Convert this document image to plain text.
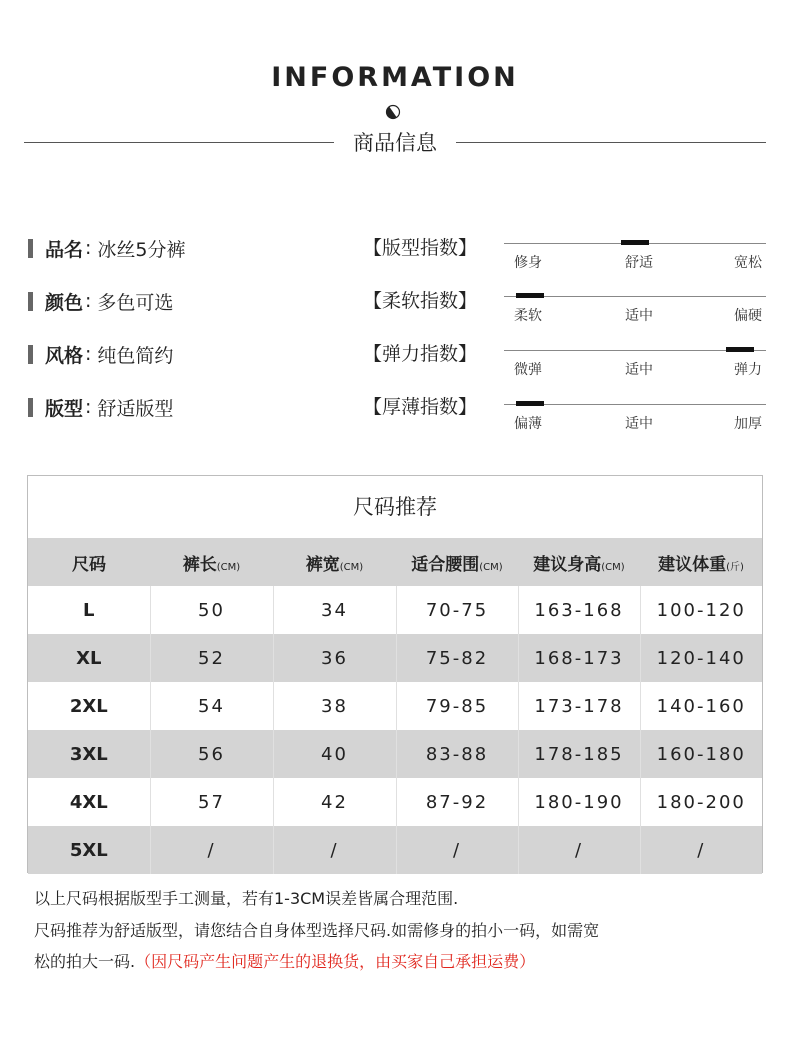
INFORMATION
商品信息
品名 : 冰丝5分裤
颜色 : 多色可选
风格 : 纯色简约
版型 : 舒适版型
【版型指数】
【柔软指数】
【弹力指数】
【厚薄指数】
修身	舒适	宽松
柔软	适中	偏硬
微弹	适中	弹力
偏薄	适中	加厚
尺码推荐
尺码	裤长(CM)	裤宽(CM)	适合腰围(CM)	建议身高(CM)	建议体重(斤)
L	50	34	70-75	163-168	100-120
XL	52	36	75-82	168-173	120-140
2XL	54	38	79-85	173-178	140-160
3XL	56	40	83-88	178-185	160-180
4XL	57	42	87-92	180-190	180-200
5XL	/	/	/	/	/
以上尺码根据版型手工测量，若有1-3CM误差皆属合理范围.
尺码推荐为舒适版型，请您结合自身体型选择尺码.如需修身的拍小一码，如需宽
松的拍大一码.（因尺码产生问题产生的退换货，由买家自己承担运费）
